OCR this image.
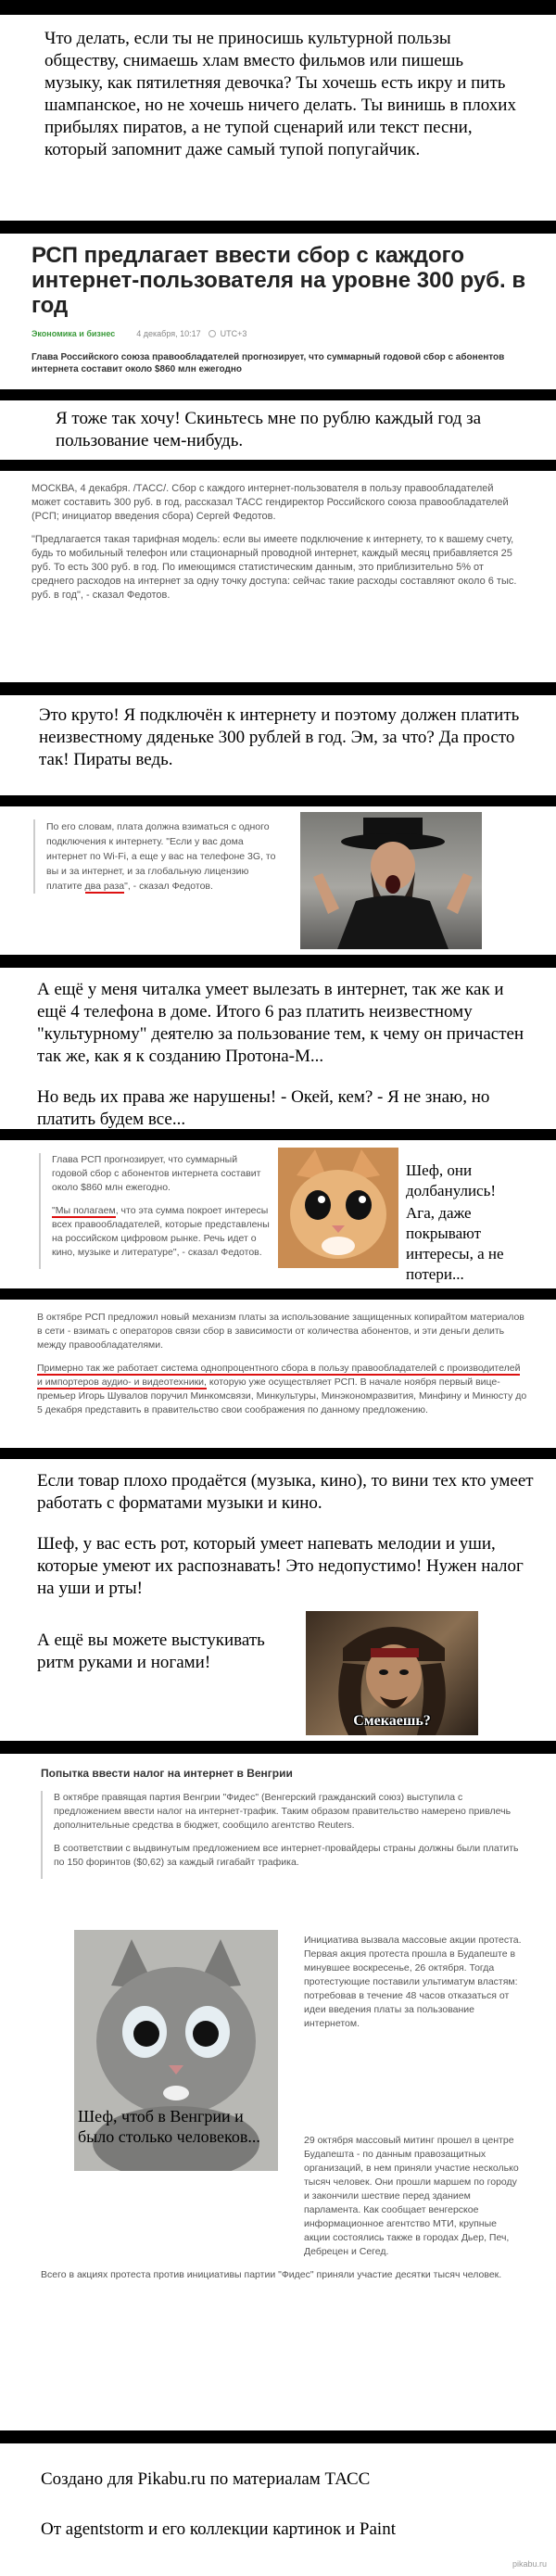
Что делать, если ты не приносишь культурной пользы обществу, снимаешь хлам вместо фильмов или пишешь музыку, как пятилетняя девочка? Ты хочешь есть икру и пить шампанское, но не хочешь ничего делать. Ты винишь в плохих прибылях пиратов, а не тупой сценарий или текст песни, который запомнит даже самый тупой попугайчик.
РСП предлагает ввести сбор с каждого интернет-пользователя на уровне 300 руб. в год
Экономика и бизнес	4 декабря, 10:17 UTC+3
Глава Российского союза правообладателей прогнозирует, что суммарный годовой сбор с абонентов интернета составит около $860 млн ежегодно
Я тоже так хочу! Скиньтесь мне по рублю каждый год за пользование чем-нибудь.

МОСКВА, 4 декабря. /ТАСС/. Сбор с каждого интернет-пользователя в пользу правообладателей может составить 300 руб. в год, рассказал ТАСС гендиректор Российского союза правообладателей (РСП; инициатор введения сбора) Сергей Федотов.

"Предлагается такая тарифная модель: если вы имеете подключение к интернету, то к вашему счету, будь то мобильный телефон или стационарный проводной интернет, каждый месяц прибавляется 25 руб. То есть 300 руб. в год. По имеющимся статистическим данным, это приблизительно 5% от среднего расходов на интернет за одну точку доступа: сейчас такие расходы составляют около 6 тыс. руб. в год", - сказал Федотов.

Это круто! Я подключён к интернету и поэтому должен платить неизвестному дяденьке 300 рублей в год. Эм, за что? Да просто так! Пираты ведь.
По его словам, плата должна взиматься с одного подключения к интернету. "Если у вас дома интернет по Wi-Fi, а еще у вас на телефоне 3G, то вы и за интернет, и за глобальную лицензию платите два раза", - сказал Федотов.
А ещё у меня читалка умеет вылезать в интернет, так же как и ещё 4 телефона в доме. Итого 6 раз платить неизвестному "культурному" деятелю за пользование тем, к чему он причастен так же, как я к созданию Протона-М...
Но ведь их права же нарушены! - Окей, кем? - Я не знаю, но платить будем все...

Глава РСП прогнозирует, что суммарный годовой сбор с абонентов интернета составит около $860 млн ежегодно.

"Мы полагаем, что эта сумма покроет интересы всех правообладателей, которые представлены на российском цифровом рынке. Речь идет о кино, музыке и литературе", - сказал Федотов.

Шеф, они долбанулись!
Ага, даже покрывают интересы, а не потери...

В октябре РСП предложил новый механизм платы за использование защищенных копирайтом материалов в сети - взимать с операторов связи сбор в зависимости от количества абонентов, и эти деньги делить между правообладателями.

Примерно так же работает система однопроцентного сбора в пользу правообладателей с производителей и импортеров аудио- и видеотехники, которую уже осуществляет РСП. В начале ноября первый вице-премьер Игорь Шувалов поручил Минкомсвязи, Минкультуры, Минэкономразвития, Минфину и Минюсту до 5 декабря представить в правительство свои соображения по данному предложению.

Если товар плохо продаётся (музыка, кино), то вини тех кто умеет работать с форматами музыки и кино.
Шеф, у вас есть рот, который умеет напевать мелодии и уши, которые умеют их распознавать! Это недопустимо! Нужен налог на уши и рты!
А ещё вы можете выстукивать ритм руками и ногами!
Смекаешь?
Попытка ввести налог на интернет в Венгрии

В октябре правящая партия Венгрии "Фидес" (Венгерский гражданский союз) выступила с предложением ввести налог на интернет-трафик. Таким образом правительство намерено привлечь дополнительные средства в бюджет, сообщило агентство Reuters.

В соответствии с выдвинутым предложением все интернет-провайдеры страны должны были платить по 150 форинтов ($0,62) за каждый гигабайт трафика.

Шеф, чтоб в Венгрии и было столько человеков...

Инициатива вызвала массовые акции протеста. Первая акция протеста прошла в Будапеште в минувшее воскресенье, 26 октября. Тогда протестующие поставили ультиматум властям: потребовав в течение 48 часов отказаться от идеи введения платы за пользование интернетом.

29 октября массовый митинг прошел в центре Будапешта - по данным правозащитных организаций, в нем приняли участие несколько тысяч человек. Они прошли маршем по городу и закончили шествие перед зданием парламента. Как сообщает венгерское информационное агентство МТИ, крупные акции состоялись также в городах Дьер, Печ, Дебрецен и Сегед.

Всего в акциях протеста против инициативы партии "Фидес" приняли участие десятки тысяч человек.

Создано для Pikabu.ru по материалам ТАСС
От agentstorm и его коллекции картинок и Paint
pikabu.ru
